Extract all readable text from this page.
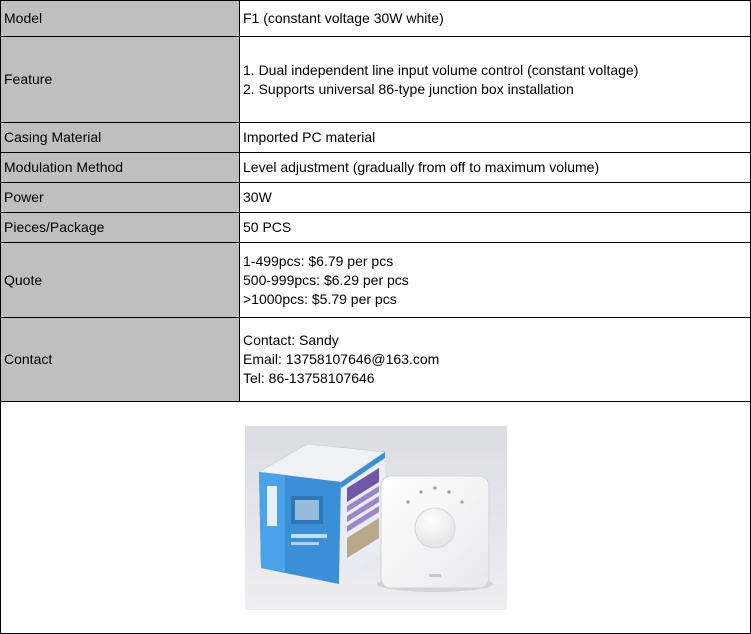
Model	F1 (constant voltage 30W white)

Feature	1. Dual independent line input volume control (constant voltage)
2. Supports universal 86-type junction box installation

Casing Material	Imported PC material

Modulation Method	Level adjustment (gradually from off to maximum volume)

Power	30W

Pieces/Package	50 PCS

Quote	1-499pcs: $6.79 per pcs
500-999pcs: $6.29 per pcs
>1000pcs: $5.79 per pcs

Contact	Contact: Sandy
Email: 13758107646@163.com
Tel: 86-13758107646
